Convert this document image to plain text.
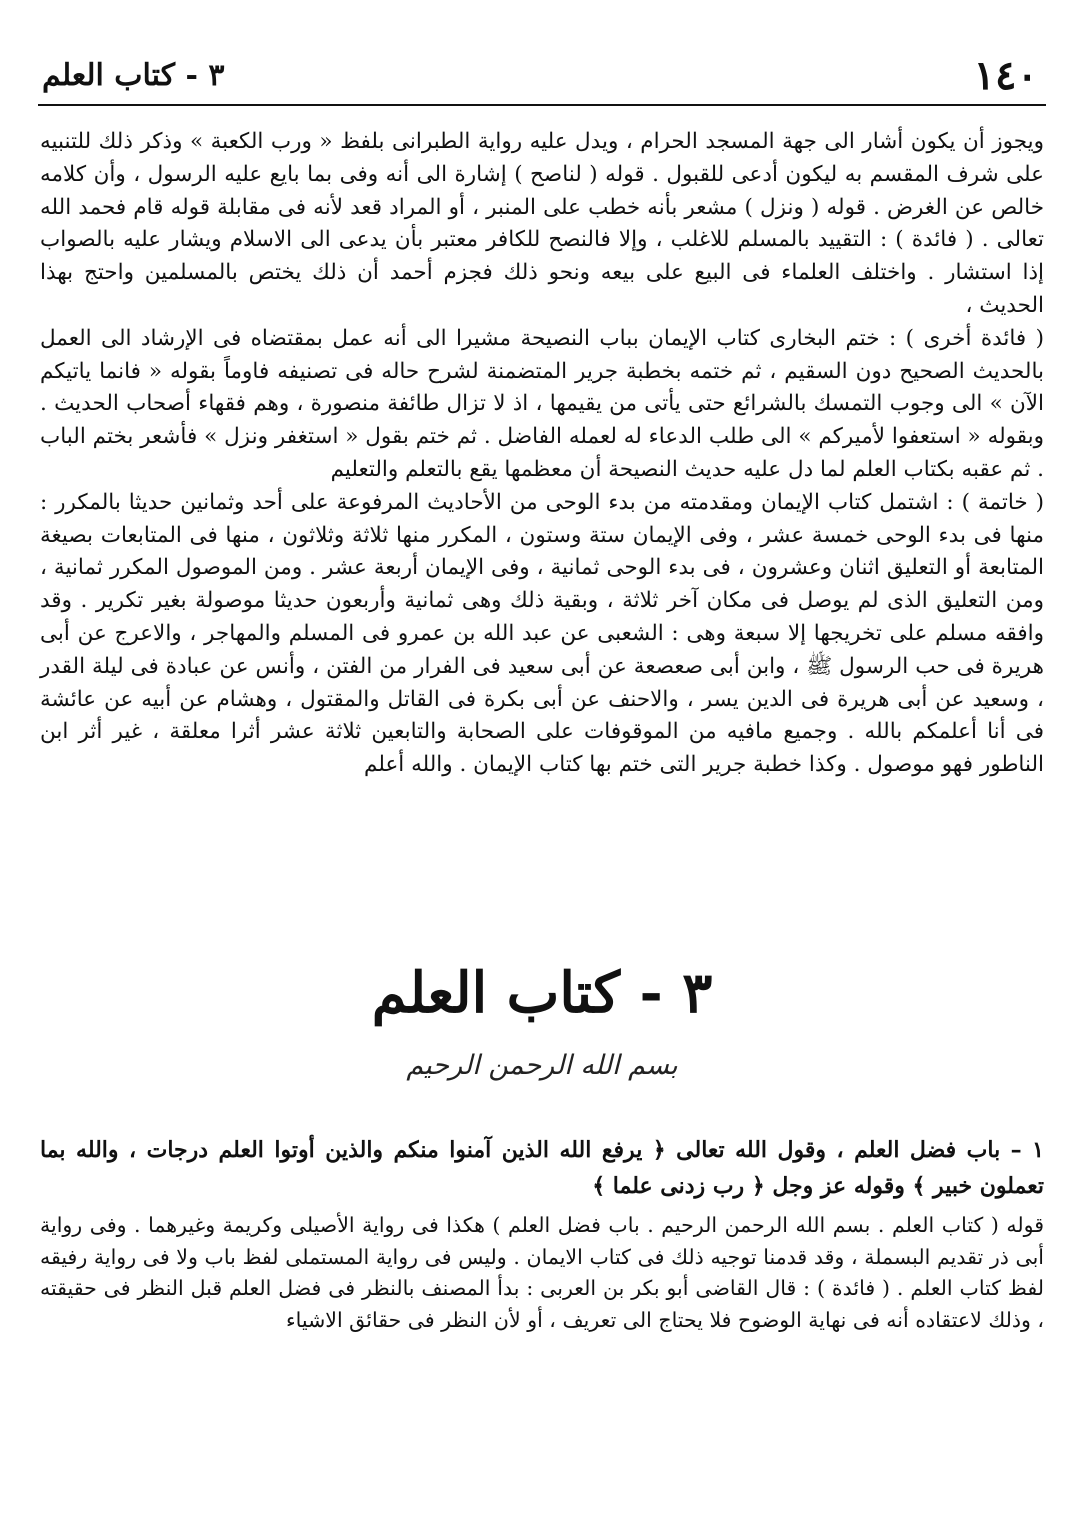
١٤٠
٣ - كتاب العلم

ويجوز أن يكون أشار الى جهة المسجد الحرام ، ويدل عليه رواية الطبرانى بلفظ « ورب الكعبة » وذكر ذلك للتنبيه على شرف المقسم به ليكون أدعى للقبول . قوله ( لناصح ) إشارة الى أنه وفى بما بايع عليه الرسول ، وأن كلامه خالص عن الغرض . قوله ( ونزل ) مشعر بأنه خطب على المنبر ، أو المراد قعد لأنه فى مقابلة قوله قام فحمد الله تعالى . ( فائدة ) : التقييد بالمسلم للاغلب ، وإلا فالنصح للكافر معتبر بأن يدعى الى الاسلام ويشار عليه بالصواب إذا استشار . واختلف العلماء فى البيع على بيعه ونحو ذلك فجزم أحمد أن ذلك يختص بالمسلمين واحتج بهذا الحديث ،

( فائدة أخرى ) : ختم البخارى كتاب الإيمان بباب النصيحة مشيرا الى أنه عمل بمقتضاه فى الإرشاد الى العمل بالحديث الصحيح دون السقيم ، ثم ختمه بخطبة جرير المتضمنة لشرح حاله فى تصنيفه فاوماً بقوله « فانما ياتيكم الآن » الى وجوب التمسك بالشرائع حتى يأتى من يقيمها ، اذ لا تزال طائفة منصورة ، وهم فقهاء أصحاب الحديث . وبقوله « استعفوا لأميركم » الى طلب الدعاء له لعمله الفاضل . ثم ختم بقول « استغفر ونزل » فأشعر بختم الباب . ثم عقبه بكتاب العلم لما دل عليه حديث النصيحة أن معظمها يقع بالتعلم والتعليم

( خاتمة ) : اشتمل كتاب الإيمان ومقدمته من بدء الوحى من الأحاديث المرفوعة على أحد وثمانين حديثا بالمكرر : منها فى بدء الوحى خمسة عشر ، وفى الإيمان ستة وستون ، المكرر منها ثلاثة وثلاثون ، منها فى المتابعات بصيغة المتابعة أو التعليق اثنان وعشرون ، فى بدء الوحى ثمانية ، وفى الإيمان أربعة عشر . ومن الموصول المكرر ثمانية ، ومن التعليق الذى لم يوصل فى مكان آخر ثلاثة ، وبقية ذلك وهى ثمانية وأربعون حديثا موصولة بغير تكرير . وقد وافقه مسلم على تخريجها إلا سبعة وهى : الشعبى عن عبد الله بن عمرو فى المسلم والمهاجر ، والاعرج عن أبى هريرة فى حب الرسول ﷺ ، وابن أبى صعصعة عن أبى سعيد فى الفرار من الفتن ، وأنس عن عبادة فى ليلة القدر ، وسعيد عن أبى هريرة فى الدين يسر ، والاحنف عن أبى بكرة فى القاتل والمقتول ، وهشام عن أبيه عن عائشة فى أنا أعلمكم بالله . وجميع مافيه من الموقوفات على الصحابة والتابعين ثلاثة عشر أثرا معلقة ، غير أثر ابن الناطور فهو موصول . وكذا خطبة جرير التى ختم بها كتاب الإيمان . والله أعلم

٣ - كتاب العلم
بسم الله الرحمن الرحيم

١ – باب فضل العلم ، وقول الله تعالى ﴿ يرفع الله الذين آمنوا منكم والذين أوتوا العلم درجات ، والله بما تعملون خبير ﴾ وقوله عز وجل ﴿ رب زدنى علما ﴾

قوله ( كتاب العلم . بسم الله الرحمن الرحيم . باب فضل العلم ) هكذا فى رواية الأصيلى وكريمة وغيرهما . وفى رواية أبى ذر تقديم البسملة ، وقد قدمنا توجيه ذلك فى كتاب الايمان . وليس فى رواية المستملى لفظ باب ولا فى رواية رفيقه لفظ كتاب العلم . ( فائدة ) : قال القاضى أبو بكر بن العربى : بدأ المصنف بالنظر فى فضل العلم قبل النظر فى حقيقته ، وذلك لاعتقاده أنه فى نهاية الوضوح فلا يحتاج الى تعريف ، أو لأن النظر فى حقائق الاشياء
